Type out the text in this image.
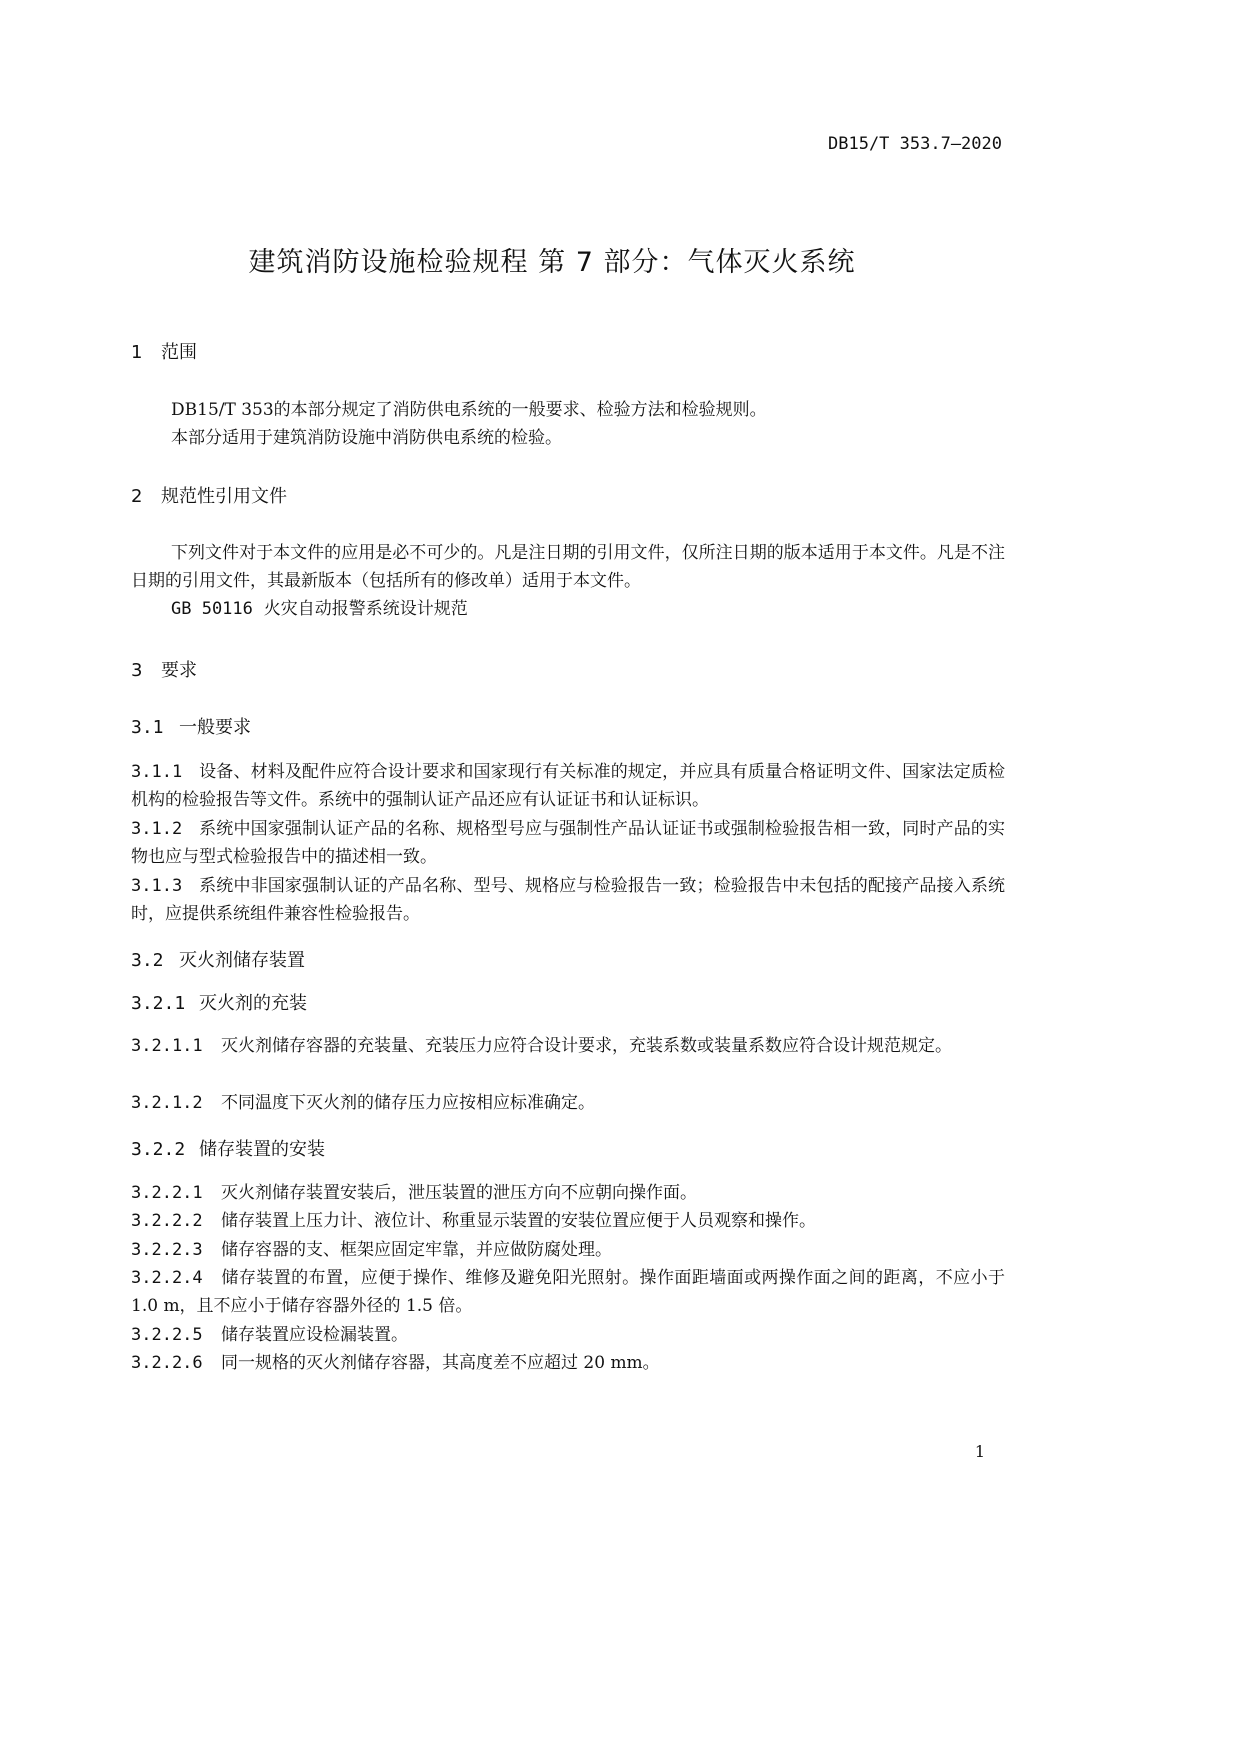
DB15/T 353.7—2020
建筑消防设施检验规程 第 7 部分：气体灭火系统
1 范围
DB15/T 353的本部分规定了消防供电系统的一般要求、检验方法和检验规则。
本部分适用于建筑消防设施中消防供电系统的检验。
2 规范性引用文件
下列文件对于本文件的应用是必不可少的。凡是注日期的引用文件，仅所注日期的版本适用于本文件。凡是不注日期的引用文件，其最新版本（包括所有的修改单）适用于本文件。
GB 50116 火灾自动报警系统设计规范
3 要求
3.1 一般要求
3.1.1 设备、材料及配件应符合设计要求和国家现行有关标准的规定，并应具有质量合格证明文件、国家法定质检机构的检验报告等文件。系统中的强制认证产品还应有认证证书和认证标识。
3.1.2 系统中国家强制认证产品的名称、规格型号应与强制性产品认证证书或强制检验报告相一致，同时产品的实物也应与型式检验报告中的描述相一致。
3.1.3 系统中非国家强制认证的产品名称、型号、规格应与检验报告一致；检验报告中未包括的配接产品接入系统时，应提供系统组件兼容性检验报告。
3.2 灭火剂储存装置
3.2.1 灭火剂的充装
3.2.1.1 灭火剂储存容器的充装量、充装压力应符合设计要求，充装系数或装量系数应符合设计规范规定。
3.2.1.2 不同温度下灭火剂的储存压力应按相应标准确定。
3.2.2 储存装置的安装
3.2.2.1 灭火剂储存装置安装后，泄压装置的泄压方向不应朝向操作面。
3.2.2.2 储存装置上压力计、液位计、称重显示装置的安装位置应便于人员观察和操作。
3.2.2.3 储存容器的支、框架应固定牢靠，并应做防腐处理。
3.2.2.4 储存装置的布置，应便于操作、维修及避免阳光照射。操作面距墙面或两操作面之间的距离，不应小于 1.0 m，且不应小于储存容器外径的 1.5 倍。
3.2.2.5 储存装置应设检漏装置。
3.2.2.6 同一规格的灭火剂储存容器，其高度差不应超过 20 mm。
1
